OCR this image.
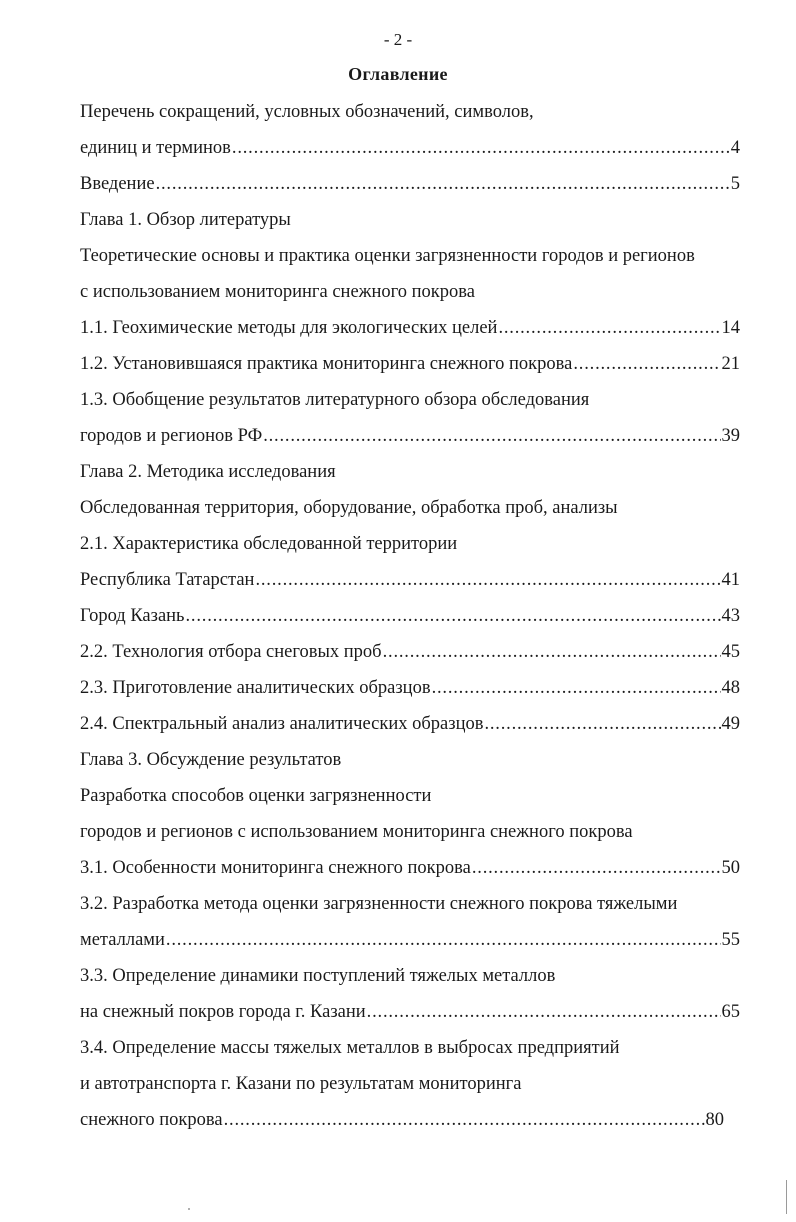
- 2 -
Оглавление
Перечень сокращений, условных обозначений, символов,
единиц и терминов .....	4
Введение .....	5
Глава 1. Обзор литературы
Теоретические основы и практика оценки загрязненности городов и регионов
с использованием мониторинга снежного покрова
1.1. Геохимические методы для экологических целей .....	14
1.2. Установившаяся практика мониторинга снежного покрова .....	21
1.3. Обобщение результатов литературного обзора обследования
городов и регионов РФ .....	39
Глава 2. Методика исследования
Обследованная территория, оборудование, обработка проб, анализы
2.1. Характеристика обследованной территории
Республика Татарстан .....	41
Город Казань .....	43
2.2. Технология отбора снеговых проб .....	45
2.3. Приготовление аналитических образцов .....	48
2.4. Спектральный анализ аналитических образцов .....	49
Глава 3. Обсуждение результатов
Разработка способов оценки загрязненности
городов и регионов с использованием мониторинга снежного покрова
3.1. Особенности мониторинга снежного покрова .....	50
3.2. Разработка метода оценки загрязненности снежного покрова тяжелыми
металлами .....	55
3.3. Определение динамики поступлений тяжелых металлов
на снежный покров города г. Казани .....	65
3.4. Определение массы тяжелых металлов в выбросах предприятий
и автотранспорта г. Казани по результатам мониторинга
снежного покрова .....	80
